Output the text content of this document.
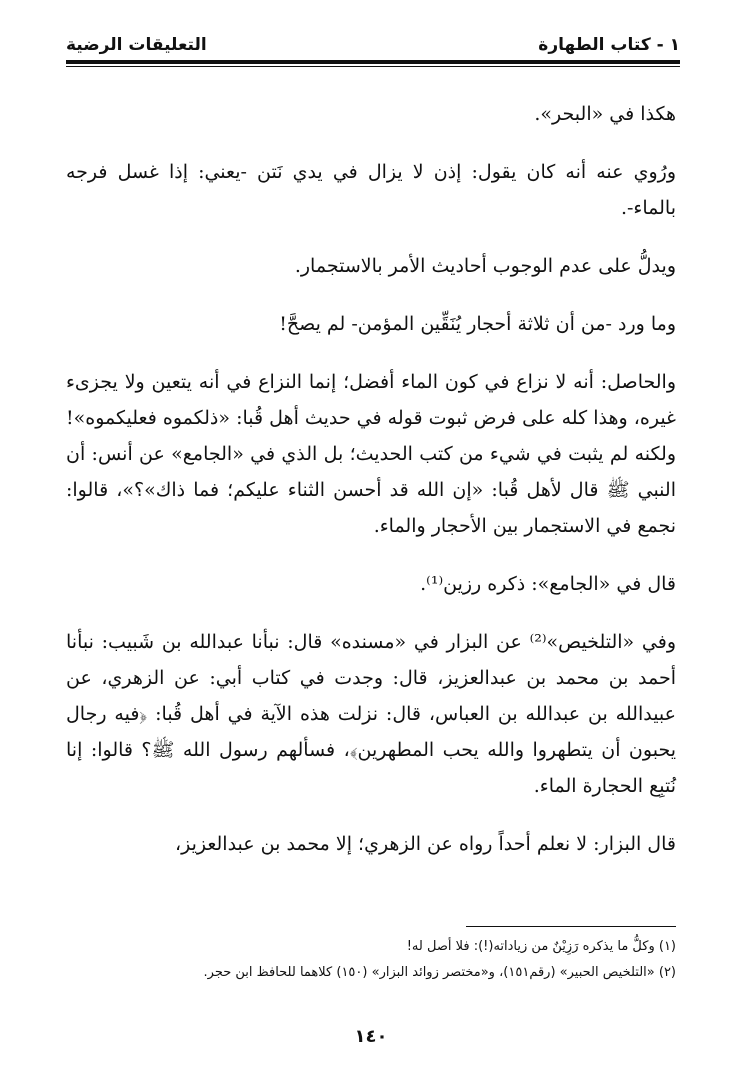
١ - كتاب الطهارة
التعليقات الرضية

هكذا في «البحر».

ورُوي عنه أنه كان يقول: إذن لا يزال في يدي نَتن -يعني: إذا غسل فرجه بالماء-.

ويدلُّ على عدم الوجوب أحاديث الأمر بالاستجمار.

وما ورد -من أن ثلاثة أحجار يُنَقِّين المؤمن- لم يصحَّ!

والحاصل: أنه لا نزاع في كون الماء أفضل؛ إنما النزاع في أنه يتعين ولا يجزىء غيره، وهذا كله على فرض ثبوت قوله في حديث أهل قُبا: «ذلكموه فعليكموه»! ولكنه لم يثبت في شيء من كتب الحديث؛ بل الذي في «الجامع» عن أنس: أن النبي ﷺ قال لأهل قُبا: «إن الله قد أحسن الثناء عليكم؛ فما ذاك»؟»، قالوا: نجمع في الاستجمار بين الأحجار والماء.

قال في «الجامع»: ذكره رزين⁽¹⁾.

وفي «التلخيص»⁽²⁾ عن البزار في «مسنده» قال: نبأنا عبدالله بن شَبيب: نبأنا أحمد بن محمد بن عبدالعزيز، قال: وجدت في كتاب أبي: عن الزهري، عن عبيدالله بن عبدالله بن العباس، قال: نزلت هذه الآية في أهل قُبا: ﴿فيه رجال يحبون أن يتطهروا والله يحب المطهرين﴾، فسألهم رسول الله ﷺ؟ قالوا: إنا نُتبِع الحجارة الماء.

قال البزار: لا نعلم أحداً رواه عن الزهري؛ إلا محمد بن عبدالعزيز،

(١) وكلُّ ما يذكره رَزِيْنٌ من زياداته(!): فلا أصل له!

(٢) «التلخيص الحبير» (رقم١٥١)، و«مختصر زوائد البزار» (١٥٠) كلاهما للحافظ ابن حجر.

١٤٠
